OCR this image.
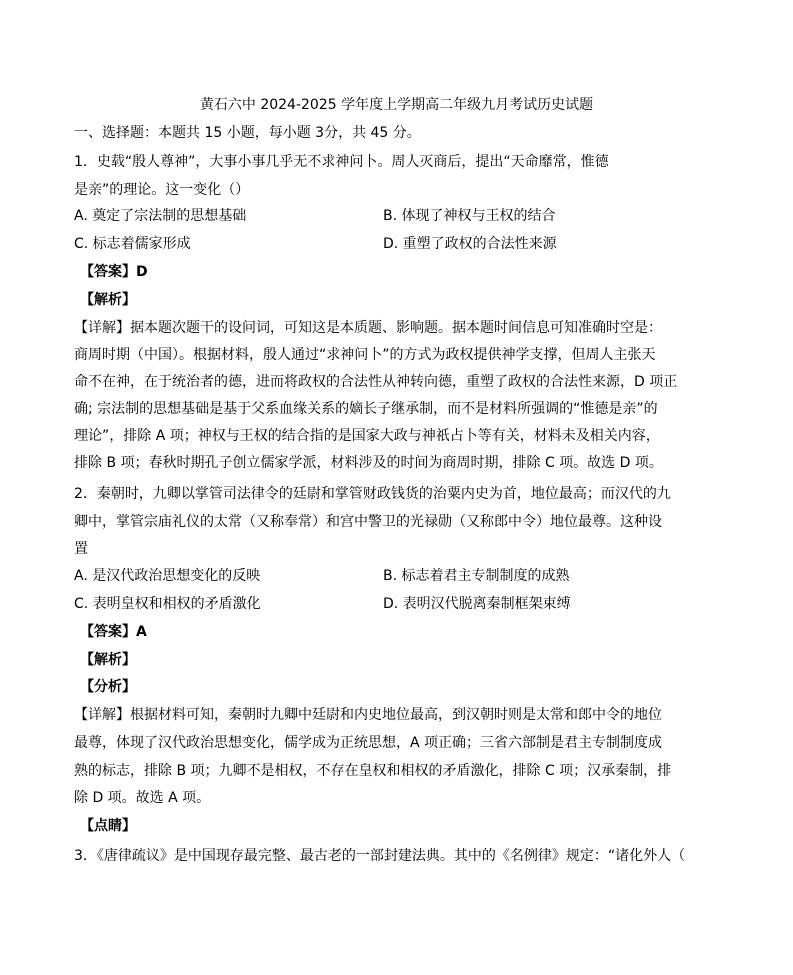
黄石六中 2024-2025 学年度上学期高二年级九月考试历史试题
一、选择题：本题共 15 小题，每小题 3分，共 45 分。
1．史载“殷人尊神”，大事小事几乎无不求神问卜。周人灭商后，提出“天命靡常，惟德
是亲”的理论。这一变化（）
A. 奠定了宗法制的思想基础	B. 体现了神权与王权的结合
C. 标志着儒家形成	D. 重塑了政权的合法性来源
【答案】D
【解析】
【详解】据本题次题干的设问词，可知这是本质题、影响题。据本题时间信息可知准确时空是：
商周时期（中国）。根据材料，殷人通过“求神问卜”的方式为政权提供神学支撑，但周人主张天
命不在神，在于统治者的德，进而将政权的合法性从神转向德，重塑了政权的合法性来源，D 项正
确; 宗法制的思想基础是基于父系血缘关系的嫡长子继承制，而不是材料所强调的“惟德是亲”的
理论”，排除 A 项；神权与王权的结合指的是国家大政与神祇占卜等有关，材料未及相关内容，
排除 B 项；春秋时期孔子创立儒家学派，材料涉及的时间为商周时期，排除 C 项。故选 D 项。
2．秦朝时，九卿以掌管司法律令的廷尉和掌管财政钱货的治粟内史为首，地位最高；而汉代的九
卿中，掌管宗庙礼仪的太常（又称奉常）和宫中警卫的光禄勋（又称郎中令）地位最尊。这种设
置
A. 是汉代政治思想变化的反映	B. 标志着君主专制制度的成熟
C. 表明皇权和相权的矛盾激化	D. 表明汉代脱离秦制框架束缚
【答案】A
【解析】
【分析】
【详解】根据材料可知，秦朝时九卿中廷尉和内史地位最高，到汉朝时则是太常和郎中令的地位
最尊，体现了汉代政治思想变化，儒学成为正统思想，A 项正确；三省六部制是君主专制制度成
熟的标志，排除 B 项；九卿不是相权，不存在皇权和相权的矛盾激化，排除 C 项；汉承秦制，排
除 D 项。故选 A 项。
【点睛】
3．《唐律疏议》是中国现存最完整、最古老的一部封建法典。其中的《名例律》规定：“诸化外人（
